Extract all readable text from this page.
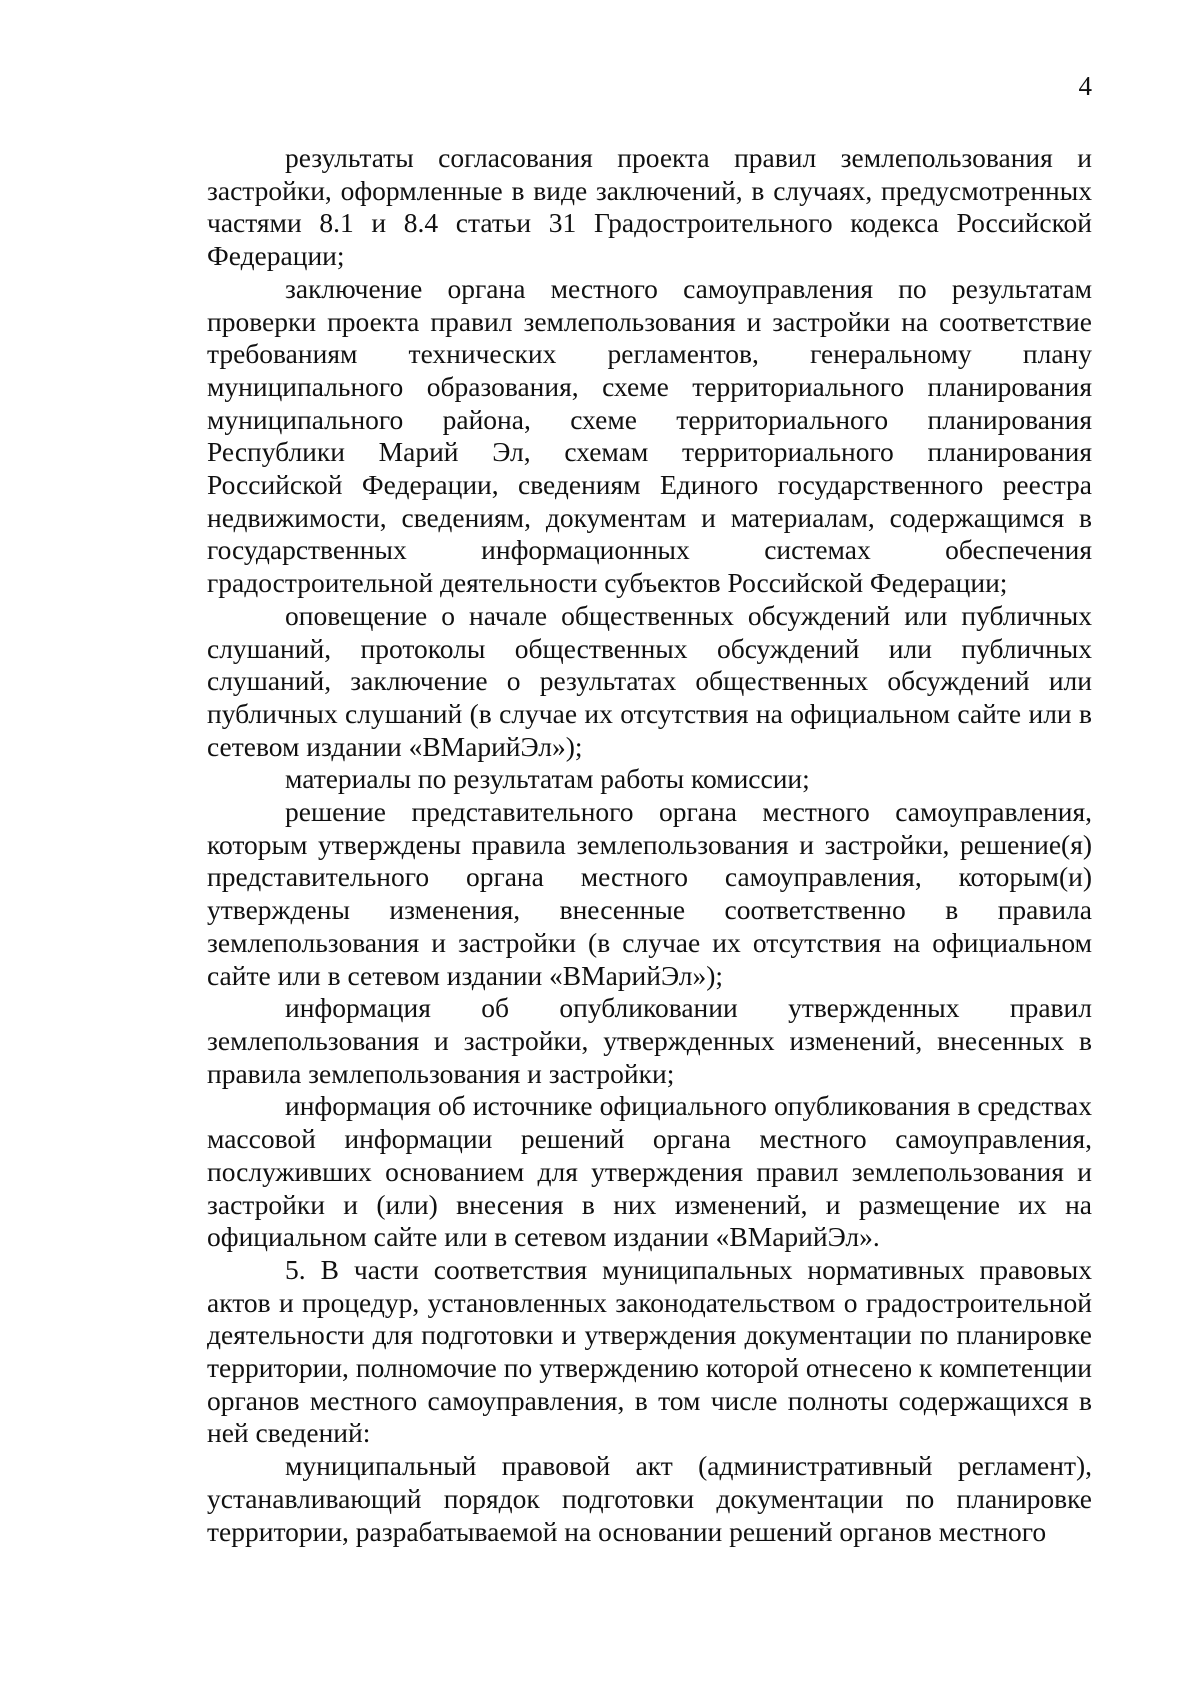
4

результаты согласования проекта правил землепользования и застройки, оформленные в виде заключений, в случаях, предусмотренных частями 8.1 и 8.4 статьи 31 Градостроительного кодекса Российской Федерации;

заключение органа местного самоуправления по результатам проверки проекта правил землепользования и застройки на соответствие требованиям технических регламентов, генеральному плану муниципального образования, схеме территориального планирования муниципального района, схеме территориального планирования Республики Марий Эл, схемам территориального планирования Российской Федерации, сведениям Единого государственного реестра недвижимости, сведениям, документам и материалам, содержащимся в государственных информационных системах обеспечения градостроительной деятельности субъектов Российской Федерации;

оповещение о начале общественных обсуждений или публичных слушаний, протоколы общественных обсуждений или публичных слушаний, заключение о результатах общественных обсуждений или публичных слушаний (в случае их отсутствия на официальном сайте или в сетевом издании «ВМарийЭл»);

материалы по результатам работы комиссии;

решение представительного органа местного самоуправления, которым утверждены правила землепользования и застройки, решение(я) представительного органа местного самоуправления, которым(и) утверждены изменения, внесенные соответственно в правила землепользования и застройки (в случае их отсутствия на официальном сайте или в сетевом издании «ВМарийЭл»);

информация об опубликовании утвержденных правил землепользования и застройки, утвержденных изменений, внесенных в правила землепользования и застройки;

информация об источнике официального опубликования в средствах массовой информации решений органа местного самоуправления, послуживших основанием для утверждения правил землепользования и застройки и (или) внесения в них изменений, и размещение их на официальном сайте или в сетевом издании «ВМарийЭл».

5. В части соответствия муниципальных нормативных правовых актов и процедур, установленных законодательством о градостроительной деятельности для подготовки и утверждения документации по планировке территории, полномочие по утверждению которой отнесено к компетенции органов местного самоуправления, в том числе полноты содержащихся в ней сведений:

муниципальный правовой акт (административный регламент), устанавливающий порядок подготовки документации по планировке территории, разрабатываемой на основании решений органов местного
